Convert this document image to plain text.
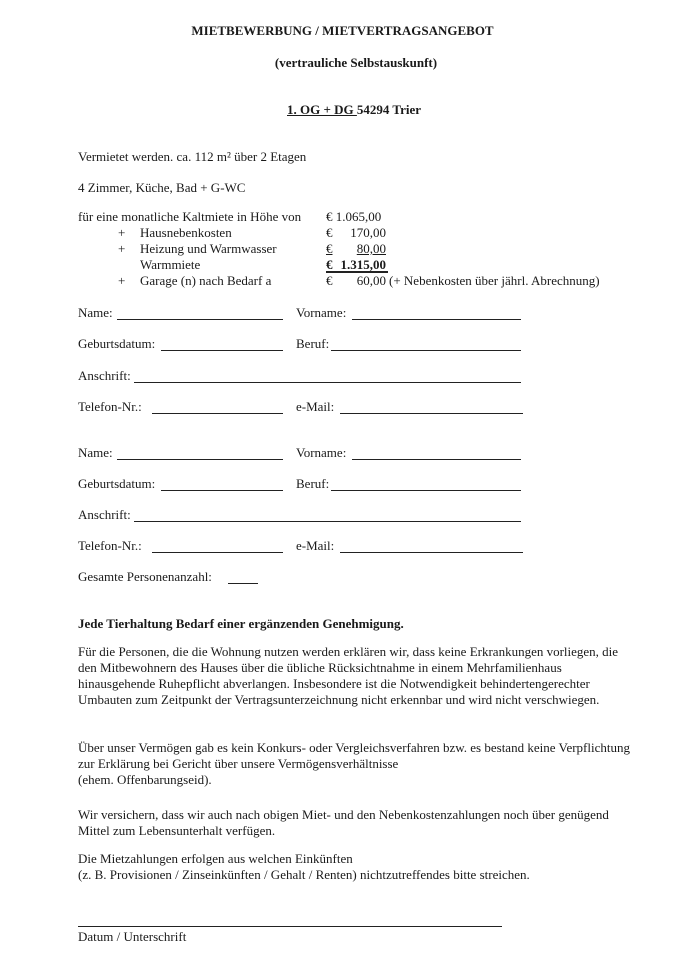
MIETBEWERBUNG / MIETVERTRAGSANGEBOT
(vertrauliche Selbstauskunft)
1. OG + DG 54294 Trier
Vermietet werden. ca. 112 m² über 2 Etagen
4 Zimmer, Küche, Bad + G-WC
für eine monatliche Kaltmiete in Höhe von € 1.065,00
+ Hausnebenkosten	€	170,00
+ Heizung und Warmwasser	€	80,00
Warmmiete	€ 1.315,00
+ Garage (n) nach Bedarf a	€	60,00 (+ Nebenkosten über jährl. Abrechnung)
Name:	Vorname:
Geburtsdatum:	Beruf:
Anschrift:
Telefon-Nr.:	e-Mail:
Name:	Vorname:
Geburtsdatum:	Beruf:
Anschrift:
Telefon-Nr.:	e-Mail:
Gesamte Personenanzahl:
Jede Tierhaltung Bedarf einer ergänzenden Genehmigung.
Für die Personen, die die Wohnung nutzen werden erklären wir, dass keine Erkrankungen vorliegen, die den Mitbewohnern des Hauses über die übliche Rücksichtnahme in einem Mehrfamilienhaus hinausgehende Ruhepflicht abverlangen. Insbesondere ist die Notwendigkeit behindertengerechter Umbauten zum Zeitpunkt der Vertragsunterzeichnung nicht erkennbar und wird nicht verschwiegen.
Über unser Vermögen gab es kein Konkurs- oder Vergleichsverfahren bzw. es bestand keine Verpflichtung zur Erklärung bei Gericht über unsere Vermögensverhältnisse
(ehem. Offenbarungseid).
Wir versichern, dass wir auch nach obigen Miet- und den Nebenkostenzahlungen noch über genügend Mittel zum Lebensunterhalt verfügen.
Die Mietzahlungen erfolgen aus welchen Einkünften
(z. B. Provisionen / Zinseinkünften / Gehalt / Renten) nichtzutreffendes bitte streichen.
Datum / Unterschrift
